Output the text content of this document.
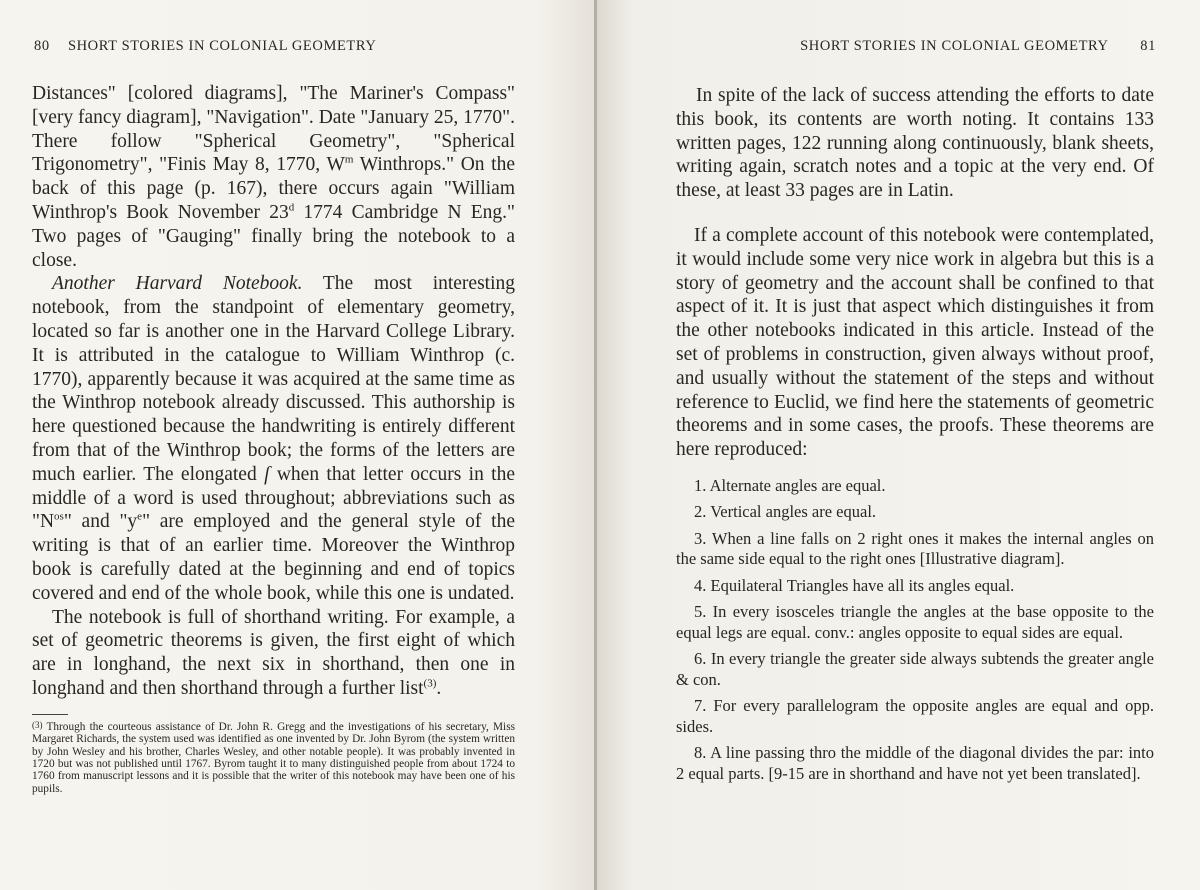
80 SHORT STORIES IN COLONIAL GEOMETRY

Distances" [colored diagrams], "The Mariner's Compass" [very fancy diagram], "Navigation". Date "January 25, 1770". There follow "Spherical Geometry", "Spherical Trigonometry", "Finis May 8, 1770, $W^m$ Winthrops." On the back of this page (p. 167), there occurs again "William Winthrop's Book November 23$^d$ 1774 Cambridge N Eng." Two pages of "Gauging" finally bring the notebook to a close.

Another Harvard Notebook. The most interesting notebook, from the standpoint of elementary geometry, located so far is another one in the Harvard College Library. It is attributed in the catalogue to William Winthrop (c. 1770), apparently because it was acquired at the same time as the Winthrop notebook already discussed. This authorship is here questioned because the handwriting is entirely different from that of the Winthrop book; the forms of the letters are much earlier. The elongated ſ when that letter occurs in the middle of a word is used throughout; abbreviations such as "$N^{os}$" and "$y^e$" are employed and the general style of the writing is that of an earlier time. Moreover the Winthrop book is carefully dated at the beginning and end of topics covered and end of the whole book, while this one is undated.

The notebook is full of shorthand writing. For example, a set of geometric theorems is given, the first eight of which are in longhand, the next six in shorthand, then one in longhand and then shorthand through a further list$^{(3)}$.

(3) Through the courteous assistance of Dr. John R. Gregg and the investigations of his secretary, Miss Margaret Richards, the system used was identified as one invented by Dr. John Byrom (the system written by John Wesley and his brother, Charles Wesley, and other notable people). It was probably invented in 1720 but was not published until 1767. Byrom taught it to many distinguished people from about 1724 to 1760 from manuscript lessons and it is possible that the writer of this notebook may have been one of his pupils.

SHORT STORIES IN COLONIAL GEOMETRY 81

In spite of the lack of success attending the efforts to date this book, its contents are worth noting. It contains 133 written pages, 122 running along continuously, blank sheets, writing again, scratch notes and a topic at the very end. Of these, at least 33 pages are in Latin.

If a complete account of this notebook were contemplated, it would include some very nice work in algebra but this is a story of geometry and the account shall be confined to that aspect of it. It is just that aspect which distinguishes it from the other notebooks indicated in this article. Instead of the set of problems in construction, given always without proof, and usually without the statement of the steps and without reference to Euclid, we find here the statements of geometric theorems and in some cases, the proofs. These theorems are here reproduced:

1. Alternate angles are equal.

2. Vertical angles are equal.

3. When a line falls on 2 right ones it makes the internal angles on the same side equal to the right ones [Illustrative diagram].

4. Equilateral Triangles have all its angles equal.

5. In every isosceles triangle the angles at the base opposite to the equal legs are equal. conv.: angles opposite to equal sides are equal.

6. In every triangle the greater side always subtends the greater angle & con.

7. For every parallelogram the opposite angles are equal and opp. sides.

8. A line passing thro the middle of the diagonal divides the par: into 2 equal parts. [9-15 are in shorthand and have not yet been translated].
